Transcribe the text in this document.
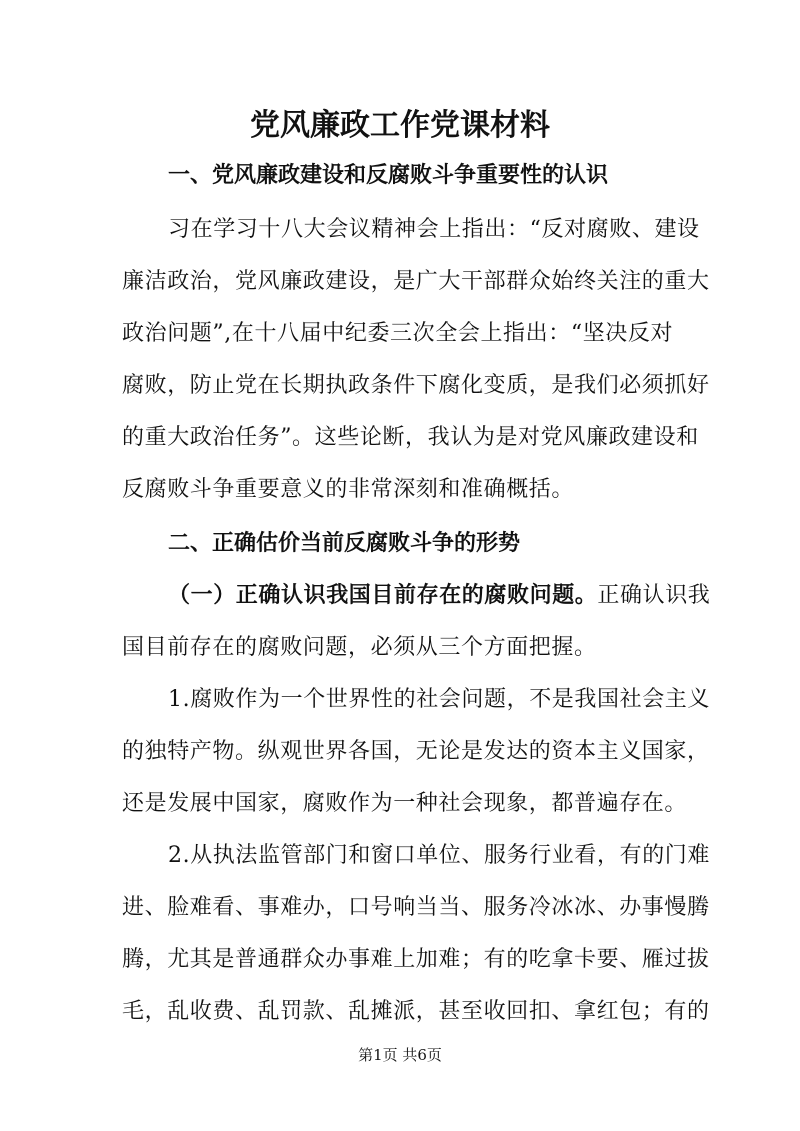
党风廉政工作党课材料

一、党风廉政建设和反腐败斗争重要性的认识

习在学习十八大会议精神会上指出：“反对腐败、建设

廉洁政治，党风廉政建设，是广大干部群众始终关注的重大

政治问题”,在十八届中纪委三次全会上指出：“坚决反对

腐败，防止党在长期执政条件下腐化变质，是我们必须抓好

的重大政治任务”。这些论断，我认为是对党风廉政建设和

反腐败斗争重要意义的非常深刻和准确概括。

二、正确估价当前反腐败斗争的形势

（一）正确认识我国目前存在的腐败问题。正确认识我

国目前存在的腐败问题，必须从三个方面把握。

1.腐败作为一个世界性的社会问题，不是我国社会主义

的独特产物。纵观世界各国，无论是发达的资本主义国家，

还是发展中国家，腐败作为一种社会现象，都普遍存在。

2.从执法监管部门和窗口单位、服务行业看，有的门难

进、脸难看、事难办，口号响当当、服务冷冰冰、办事慢腾

腾，尤其是普通群众办事难上加难；有的吃拿卡要、雁过拔

毛，乱收费、乱罚款、乱摊派，甚至收回扣、拿红包；有的

第1页 共6页
